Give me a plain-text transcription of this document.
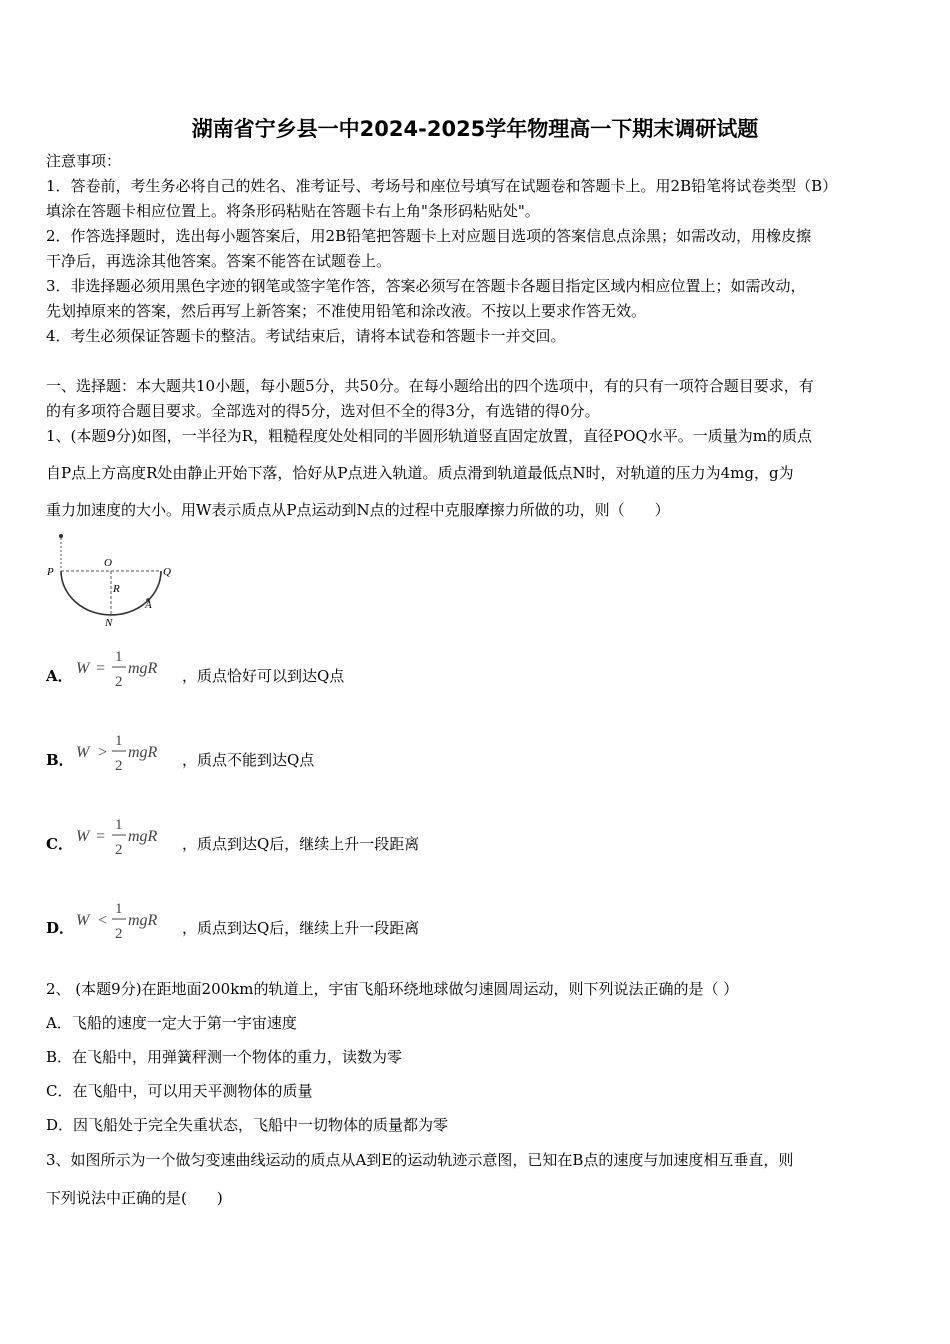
湖南省宁乡县一中2024-2025学年物理高一下期末调研试题
注意事项：
1．答卷前，考生务必将自己的姓名、准考证号、考场号和座位号填写在试题卷和答题卡上。用2B铅笔将试卷类型（B）
填涂在答题卡相应位置上。将条形码粘贴在答题卡右上角"条形码粘贴处"。
2．作答选择题时，选出每小题答案后，用2B铅笔把答题卡上对应题目选项的答案信息点涂黑；如需改动，用橡皮擦
干净后，再选涂其他答案。答案不能答在试题卷上。
3．非选择题必须用黑色字迹的钢笔或签字笔作答，答案必须写在答题卡各题目指定区域内相应位置上；如需改动，
先划掉原来的答案，然后再写上新答案；不准使用铅笔和涂改液。不按以上要求作答无效。
4．考生必须保证答题卡的整洁。考试结束后，请将本试卷和答题卡一并交回。
一、选择题：本大题共10小题，每小题5分，共50分。在每小题给出的四个选项中，有的只有一项符合题目要求，有
的有多项符合题目要求。全部选对的得5分，选对但不全的得3分，有选错的得0分。
1、(本题9分)如图，一半径为R，粗糙程度处处相同的半圆形轨道竖直固定放置，直径POQ水平。一质量为m的质点
自P点上方高度R处由静止开始下落，恰好从P点进入轨道。质点滑到轨道最低点N时，对轨道的压力为4mg，g为
重力加速度的大小。用W表示质点从P点运动到N点的过程中克服摩擦力所做的功，则（　　）
P
O
Q
R
N
A
A． W =
1
2
mgR ，质点恰好可以到达Q点
B． W >
1
2
mgR ，质点不能到达Q点
C． W =
1
2
mgR ，质点到达Q后，继续上升一段距离
D． W <
1
2
mgR ，质点到达Q后，继续上升一段距离
2、 (本题9分)在距地面200km的轨道上，宇宙飞船环绕地球做匀速圆周运动，则下列说法正确的是（ ）
A．飞船的速度一定大于第一宇宙速度
B．在飞船中，用弹簧秤测一个物体的重力，读数为零
C．在飞船中，可以用天平测物体的质量
D．因飞船处于完全失重状态，飞船中一切物体的质量都为零
3、如图所示为一个做匀变速曲线运动的质点从A到E的运动轨迹示意图，已知在B点的速度与加速度相互垂直，则
下列说法中正确的是(　　)
